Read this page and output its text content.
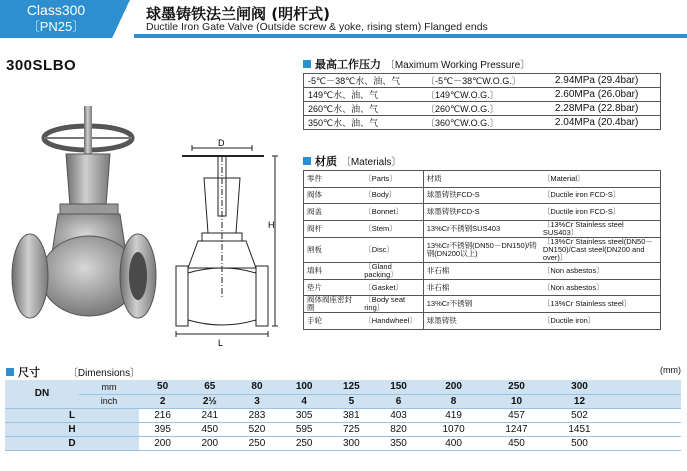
Class300
〔PN25〕
球墨铸铁法兰闸阀 (明杆式)
Ductile Iron Gate Valve (Outside screw & yoke, rising stem) Flanged ends
300SLBO
D
H
L
最高工作压力 〔Maximum Working Pressure〕
-5℃－38℃水、油、气	〔-5℃－38℃W.O.G.〕	2.94MPa (29.4bar)
149℃水、油、气	〔149℃W.O.G.〕	2.60MPa (26.0bar)
260℃水、油、气	〔260℃W.O.G.〕	2.28MPa (22.8bar)
350℃水、油、气	〔360℃W.O.G.〕	2.04MPa (20.4bar)
材质 〔Materials〕
零件	〔Parts〕	材质	〔Material〕
阀体	〔Body〕	球墨铸铁FCD-S	〔Ductile iron FCD-S〕
阀盖	〔Bonnet〕	球墨铸铁FCD-S	〔Ductile iron FCD-S〕
阀杆	〔Stem〕	13%Cr不锈钢SUS403	〔13%Cr Stainless steel SUS403〕
闸板	〔Disc〕	13%Cr不锈钢(DN50－DN150)/铸钢(DN200以上)	〔13%Cr Stainless steel(DN50－DN150)/Cast steel(DN200 and over)〕
填料	〔Gland packing〕	非石棉	〔Non asbestos〕
垫片	〔Gasket〕	非石棉	〔Non asbestos〕
阀体阀座密封圈	〔Body seat ring〕	13%Cr不锈钢	〔13%Cr Stainless steel〕
手轮	〔Handwheel〕	球墨铸铁	〔Ductile iron〕
尺寸	〔Dimensions〕	(mm)
DN	mm	50	65	80	100	125	150	200	250	300	
	inch	2	2½	3	4	5	6	8	10	12	
L		216	241	283	305	381	403	419	457	502	
H		395	450	520	595	725	820	1070	1247	1451	
D		200	200	250	250	300	350	400	450	500	
